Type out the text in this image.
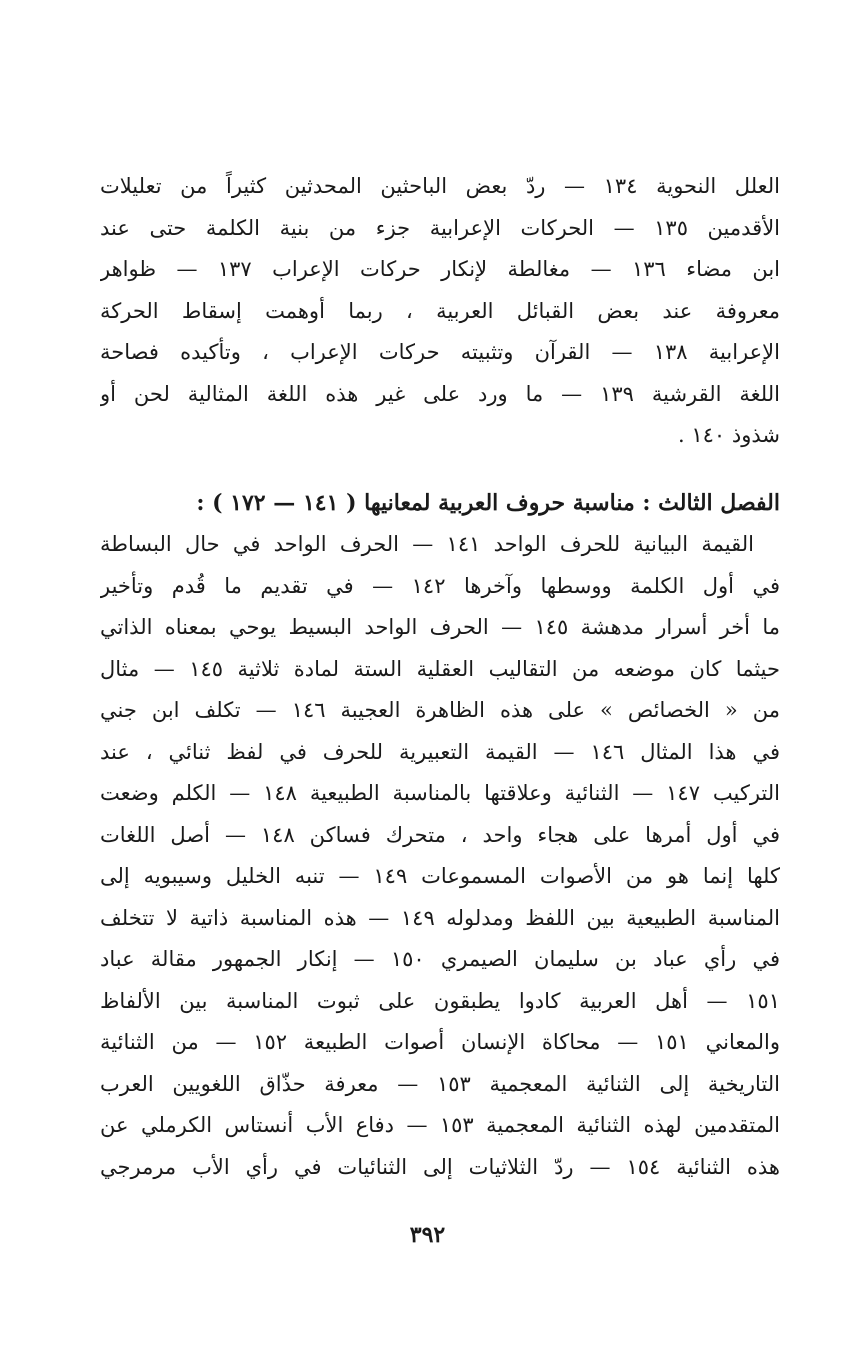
العلل النحوية ١٣٤ — ردّ بعض الباحثين المحدثين كثيراً من تعليلات
الأقدمين ١٣٥ — الحركات الإعرابية جزء من بنية الكلمة حتى عند
ابن مضاء ١٣٦ — مغالطة لإنكار حركات الإعراب ١٣٧ — ظواهر
معروفة عند بعض القبائل العربية ، ربما أوهمت إسقاط الحركة
الإعرابية ١٣٨ — القرآن وتثبيته حركات الإعراب ، وتأكيده فصاحة
اللغة القرشية ١٣٩ — ما ورد على غير هذه اللغة المثالية لحن أو
شذوذ ١٤٠ .
الفصل الثالث : مناسبة حروف العربية لمعانيها ( ١٤١ — ١٧٢ ) :
القيمة البيانية للحرف الواحد ١٤١ — الحرف الواحد في حال البساطة
في أول الكلمة ووسطها وآخرها ١٤٢ — في تقديم ما قُدم وتأخير
ما أخر أسرار مدهشة ١٤٥ — الحرف الواحد البسيط يوحي بمعناه الذاتي
حيثما كان موضعه من التقاليب العقلية الستة لمادة ثلاثية ١٤٥ — مثال
من « الخصائص » على هذه الظاهرة العجيبة ١٤٦ — تكلف ابن جني
في هذا المثال ١٤٦ — القيمة التعبيرية للحرف في لفظ ثنائي ، عند
التركيب ١٤٧ — الثنائية وعلاقتها بالمناسبة الطبيعية ١٤٨ — الكلم وضعت
في أول أمرها على هجاء واحد ، متحرك فساكن ١٤٨ — أصل اللغات
كلها إنما هو من الأصوات المسموعات ١٤٩ — تنبه الخليل وسيبويه إلى
المناسبة الطبيعية بين اللفظ ومدلوله ١٤٩ — هذه المناسبة ذاتية لا تتخلف
في رأي عباد بن سليمان الصيمري ١٥٠ — إنكار الجمهور مقالة عباد
١٥١ — أهل العربية كادوا يطبقون على ثبوت المناسبة بين الألفاظ
والمعاني ١٥١ — محاكاة الإنسان أصوات الطبيعة ١٥٢ — من الثنائية
التاريخية إلى الثنائية المعجمية ١٥٣ — معرفة حذّاق اللغويين العرب
المتقدمين لهذه الثنائية المعجمية ١٥٣ — دفاع الأب أنستاس الكرملي عن
هذه الثنائية ١٥٤ — ردّ الثلاثيات إلى الثنائيات في رأي الأب مرمرجي
٣٩٢
